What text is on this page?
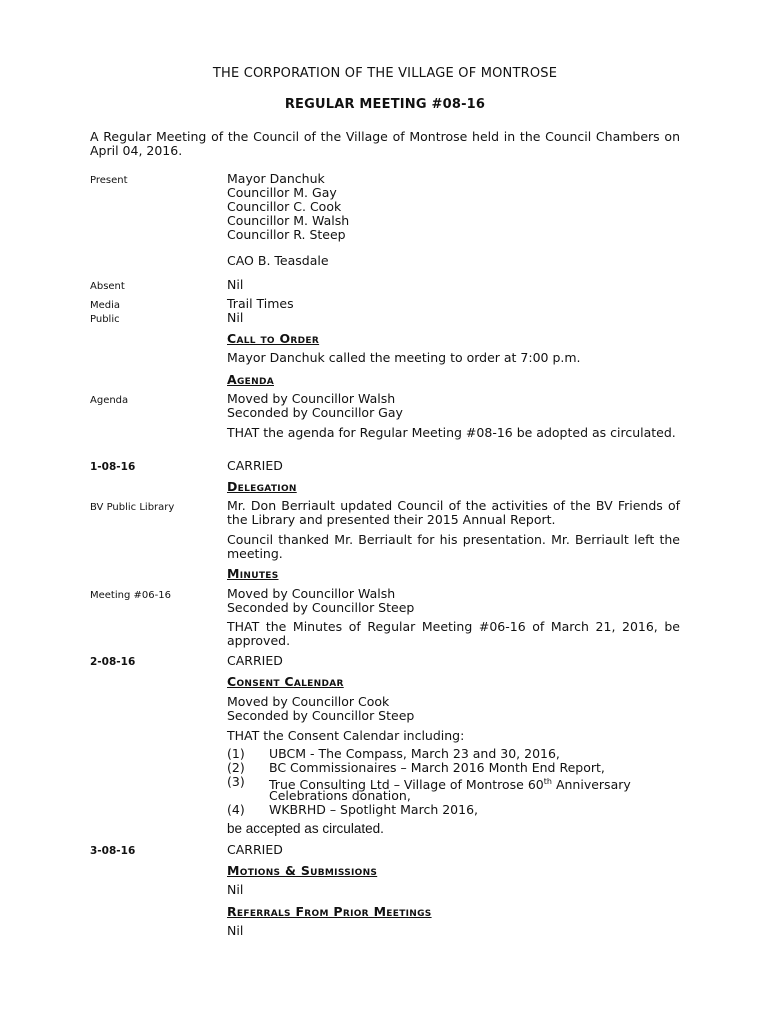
THE CORPORATION OF THE VILLAGE OF MONTROSE
REGULAR MEETING #08-16
A Regular Meeting of the Council of the Village of Montrose held in the Council Chambers on April 04, 2016.
Present	Mayor Danchuk
Councillor M. Gay
Councillor C. Cook
Councillor M. Walsh
Councillor R. Steep
CAO B. Teasdale
Absent	Nil
Media	Trail Times
Public	Nil
Call to Order
Mayor Danchuk called the meeting to order at 7:00 p.m.
Agenda
Agenda	Moved by Councillor Walsh
Seconded by Councillor Gay
THAT the agenda for Regular Meeting #08-16 be adopted as circulated.
1-08-16	CARRIED
Delegation
BV Public Library	Mr. Don Berriault updated Council of the activities of the BV Friends of the Library and presented their 2015 Annual Report.
Council thanked Mr. Berriault for his presentation. Mr. Berriault left the meeting.
Minutes
Meeting #06-16	Moved by Councillor Walsh
Seconded by Councillor Steep
THAT the Minutes of Regular Meeting #06-16 of March 21, 2016, be approved.
2-08-16	CARRIED
Consent Calendar
Moved by Councillor Cook
Seconded by Councillor Steep
THAT the Consent Calendar including:
(1) UBCM - The Compass, March 23 and 30, 2016,
(2) BC Commissionaires – March 2016 Month End Report,
(3) True Consulting Ltd – Village of Montrose 60th Anniversary
Celebrations donation,
(4) WKBRHD – Spotlight March 2016,
be accepted as circulated.
3-08-16	CARRIED
Motions & Submissions
Nil
Referrals From Prior Meetings
Nil
